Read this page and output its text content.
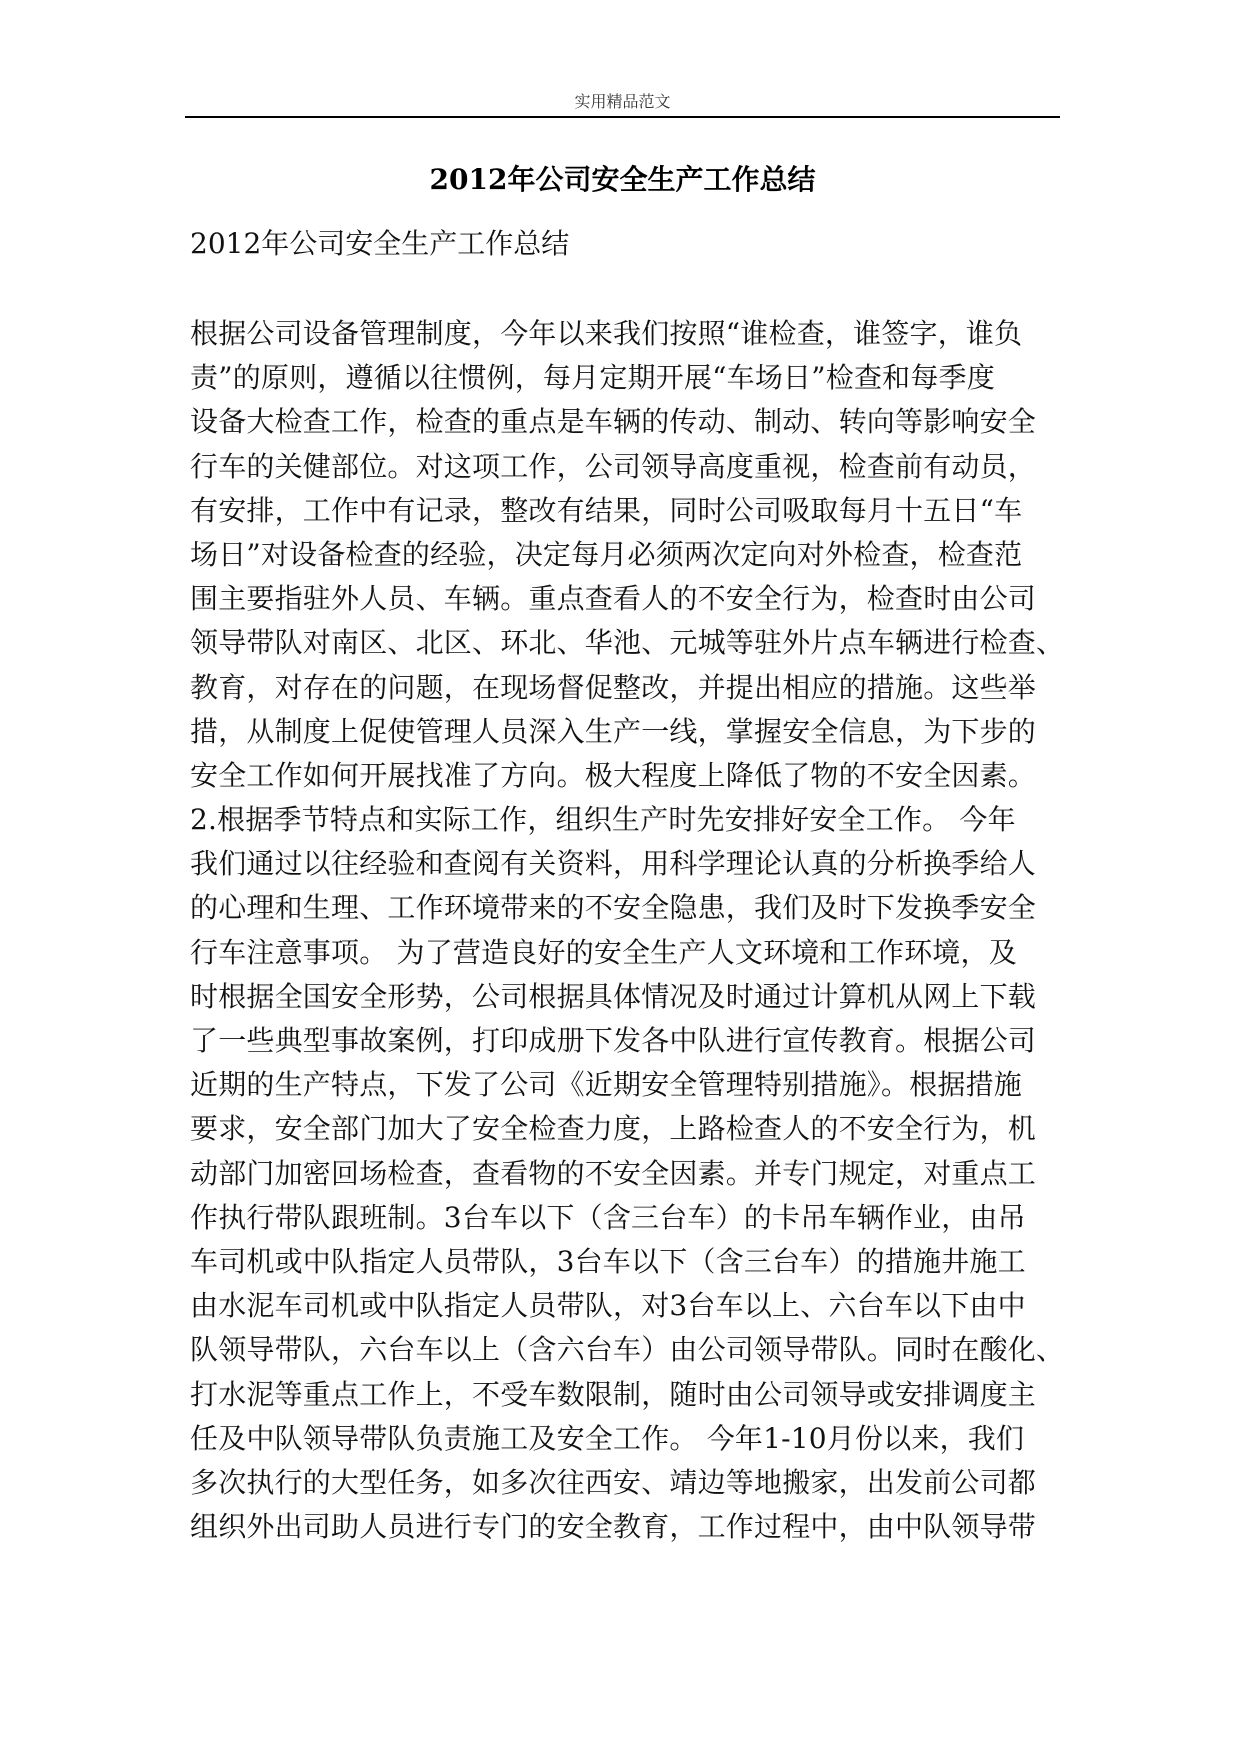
实用精品范文
2012年公司安全生产工作总结

2012年公司安全生产工作总结

根据公司设备管理制度，今年以来我们按照“谁检查，谁签字，谁负
责”的原则，遵循以往惯例，每月定期开展“车场日”检查和每季度
设备大检查工作，检查的重点是车辆的传动、制动、转向等影响安全
行车的关健部位。对这项工作，公司领导高度重视，检查前有动员，
有安排，工作中有记录，整改有结果，同时公司吸取每月十五日“车
场日”对设备检查的经验，决定每月必须两次定向对外检查，检查范
围主要指驻外人员、车辆。重点查看人的不安全行为，检查时由公司
领导带队对南区、北区、环北、华池、元城等驻外片点车辆进行检查、
教育，对存在的问题，在现场督促整改，并提出相应的措施。这些举
措，从制度上促使管理人员深入生产一线，掌握安全信息，为下步的
安全工作如何开展找准了方向。极大程度上降低了物的不安全因素。
2.根据季节特点和实际工作，组织生产时先安排好安全工作。 今年
我们通过以往经验和查阅有关资料，用科学理论认真的分析换季给人
的心理和生理、工作环境带来的不安全隐患，我们及时下发换季安全
行车注意事项。 为了营造良好的安全生产人文环境和工作环境，及
时根据全国安全形势，公司根据具体情况及时通过计算机从网上下载
了一些典型事故案例，打印成册下发各中队进行宣传教育。根据公司
近期的生产特点，下发了公司《近期安全管理特别措施》。根据措施
要求，安全部门加大了安全检查力度，上路检查人的不安全行为，机
动部门加密回场检查，查看物的不安全因素。并专门规定，对重点工
作执行带队跟班制。3台车以下（含三台车）的卡吊车辆作业，由吊
车司机或中队指定人员带队，3台车以下（含三台车）的措施井施工
由水泥车司机或中队指定人员带队，对3台车以上、六台车以下由中
队领导带队，六台车以上（含六台车）由公司领导带队。同时在酸化、
打水泥等重点工作上，不受车数限制，随时由公司领导或安排调度主
任及中队领导带队负责施工及安全工作。 今年1-10月份以来，我们
多次执行的大型任务，如多次往西安、靖边等地搬家，出发前公司都
组织外出司助人员进行专门的安全教育，工作过程中，由中队领导带
